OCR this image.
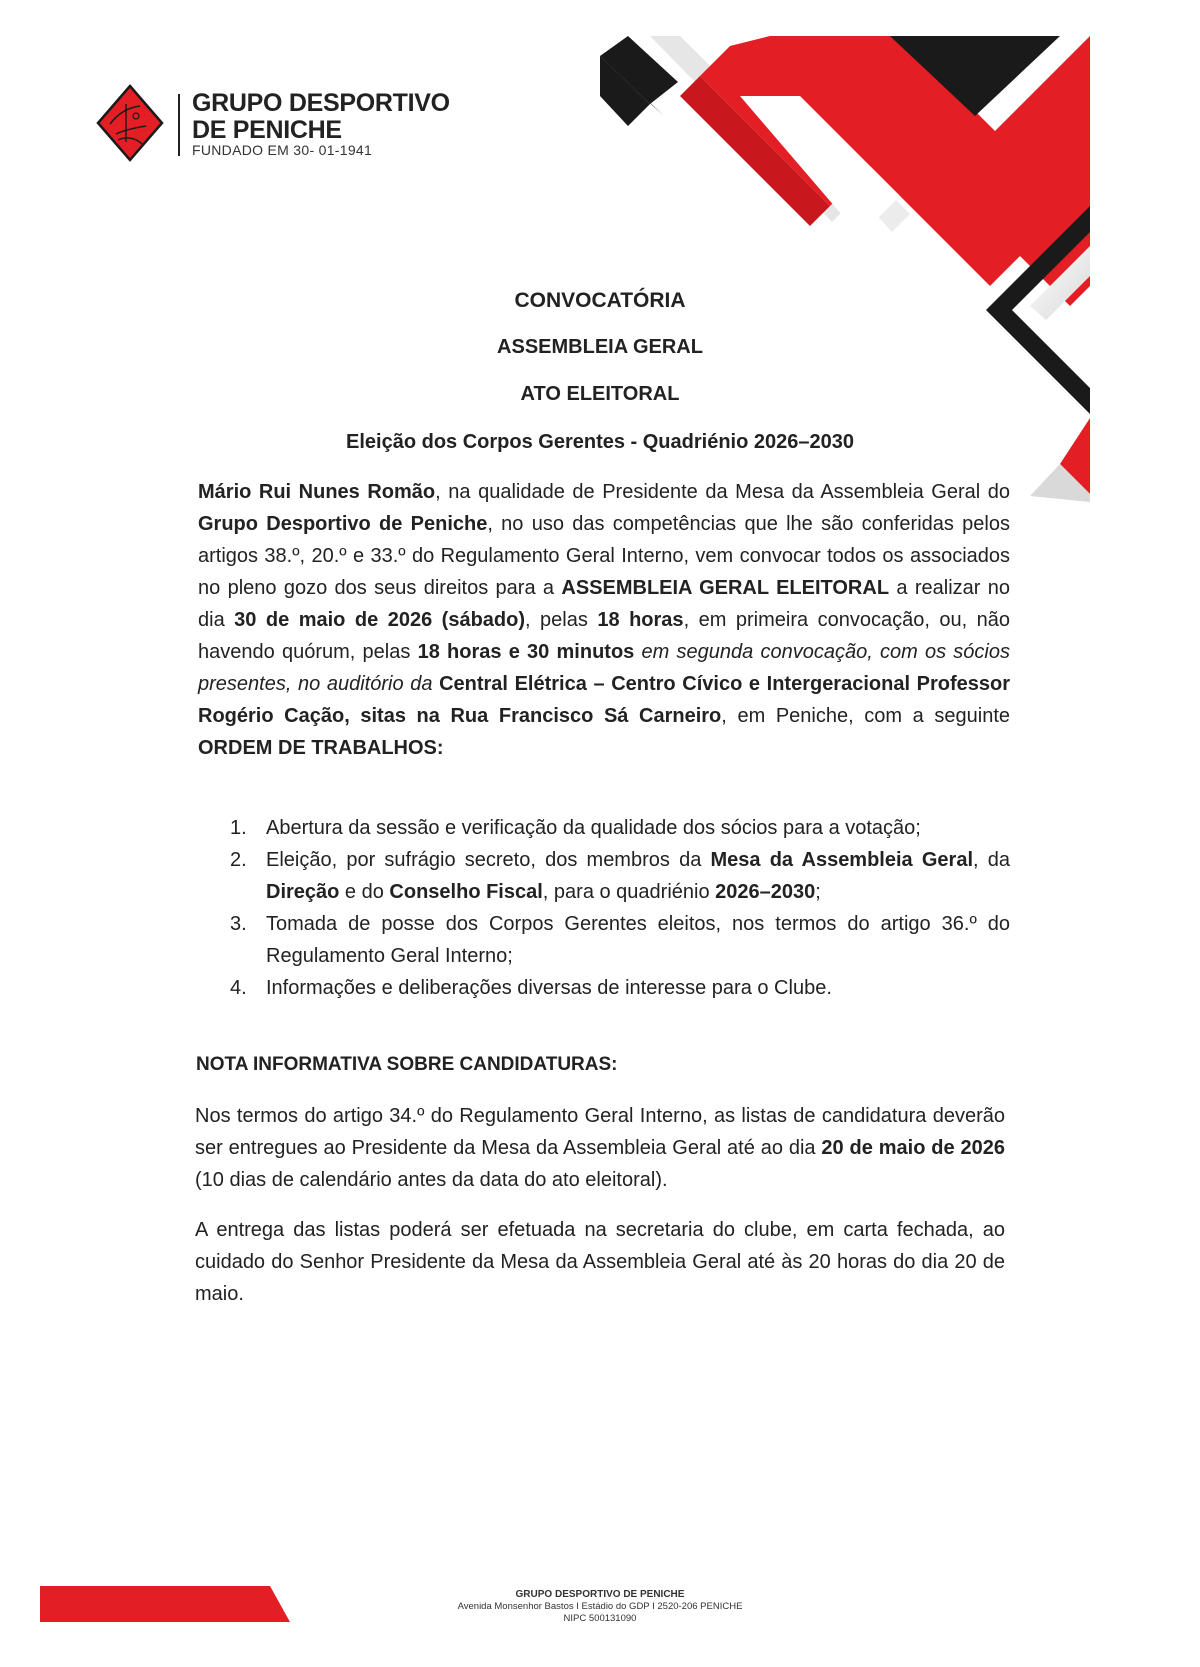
GRUPO DESPORTIVO
DE PENICHE
FUNDADO EM 30- 01-1941
CONVOCATÓRIA
ASSEMBLEIA GERAL
ATO ELEITORAL
Eleição dos Corpos Gerentes - Quadriénio 2026–2030
Mário Rui Nunes Romão, na qualidade de Presidente da Mesa da Assembleia Geral do Grupo Desportivo de Peniche, no uso das competências que lhe são conferidas pelos artigos 38.º, 20.º e 33.º do Regulamento Geral Interno, vem convocar todos os associados no pleno gozo dos seus direitos para a ASSEMBLEIA GERAL ELEITORAL a realizar no dia 30 de maio de 2026 (sábado), pelas 18 horas, em primeira convocação, ou, não havendo quórum, pelas 18 horas e 30 minutos em segunda convocação, com os sócios presentes, no auditório da Central Elétrica – Centro Cívico e Intergeracional Professor Rogério Cação, sitas na Rua Francisco Sá Carneiro, em Peniche, com a seguinte ORDEM DE TRABALHOS:
1. Abertura da sessão e verificação da qualidade dos sócios para a votação;
2. Eleição, por sufrágio secreto, dos membros da Mesa da Assembleia Geral, da Direção e do Conselho Fiscal, para o quadriénio 2026–2030;
3. Tomada de posse dos Corpos Gerentes eleitos, nos termos do artigo 36.º do Regulamento Geral Interno;
4. Informações e deliberações diversas de interesse para o Clube.
NOTA INFORMATIVA SOBRE CANDIDATURAS:
Nos termos do artigo 34.º do Regulamento Geral Interno, as listas de candidatura deverão ser entregues ao Presidente da Mesa da Assembleia Geral até ao dia 20 de maio de 2026 (10 dias de calendário antes da data do ato eleitoral).
A entrega das listas poderá ser efetuada na secretaria do clube, em carta fechada, ao cuidado do Senhor Presidente da Mesa da Assembleia Geral até às 20 horas do dia 20 de maio.
GRUPO DESPORTIVO DE PENICHE
Avenida Monsenhor Bastos I Estádio do GDP I 2520-206 PENICHE
NIPC 500131090
